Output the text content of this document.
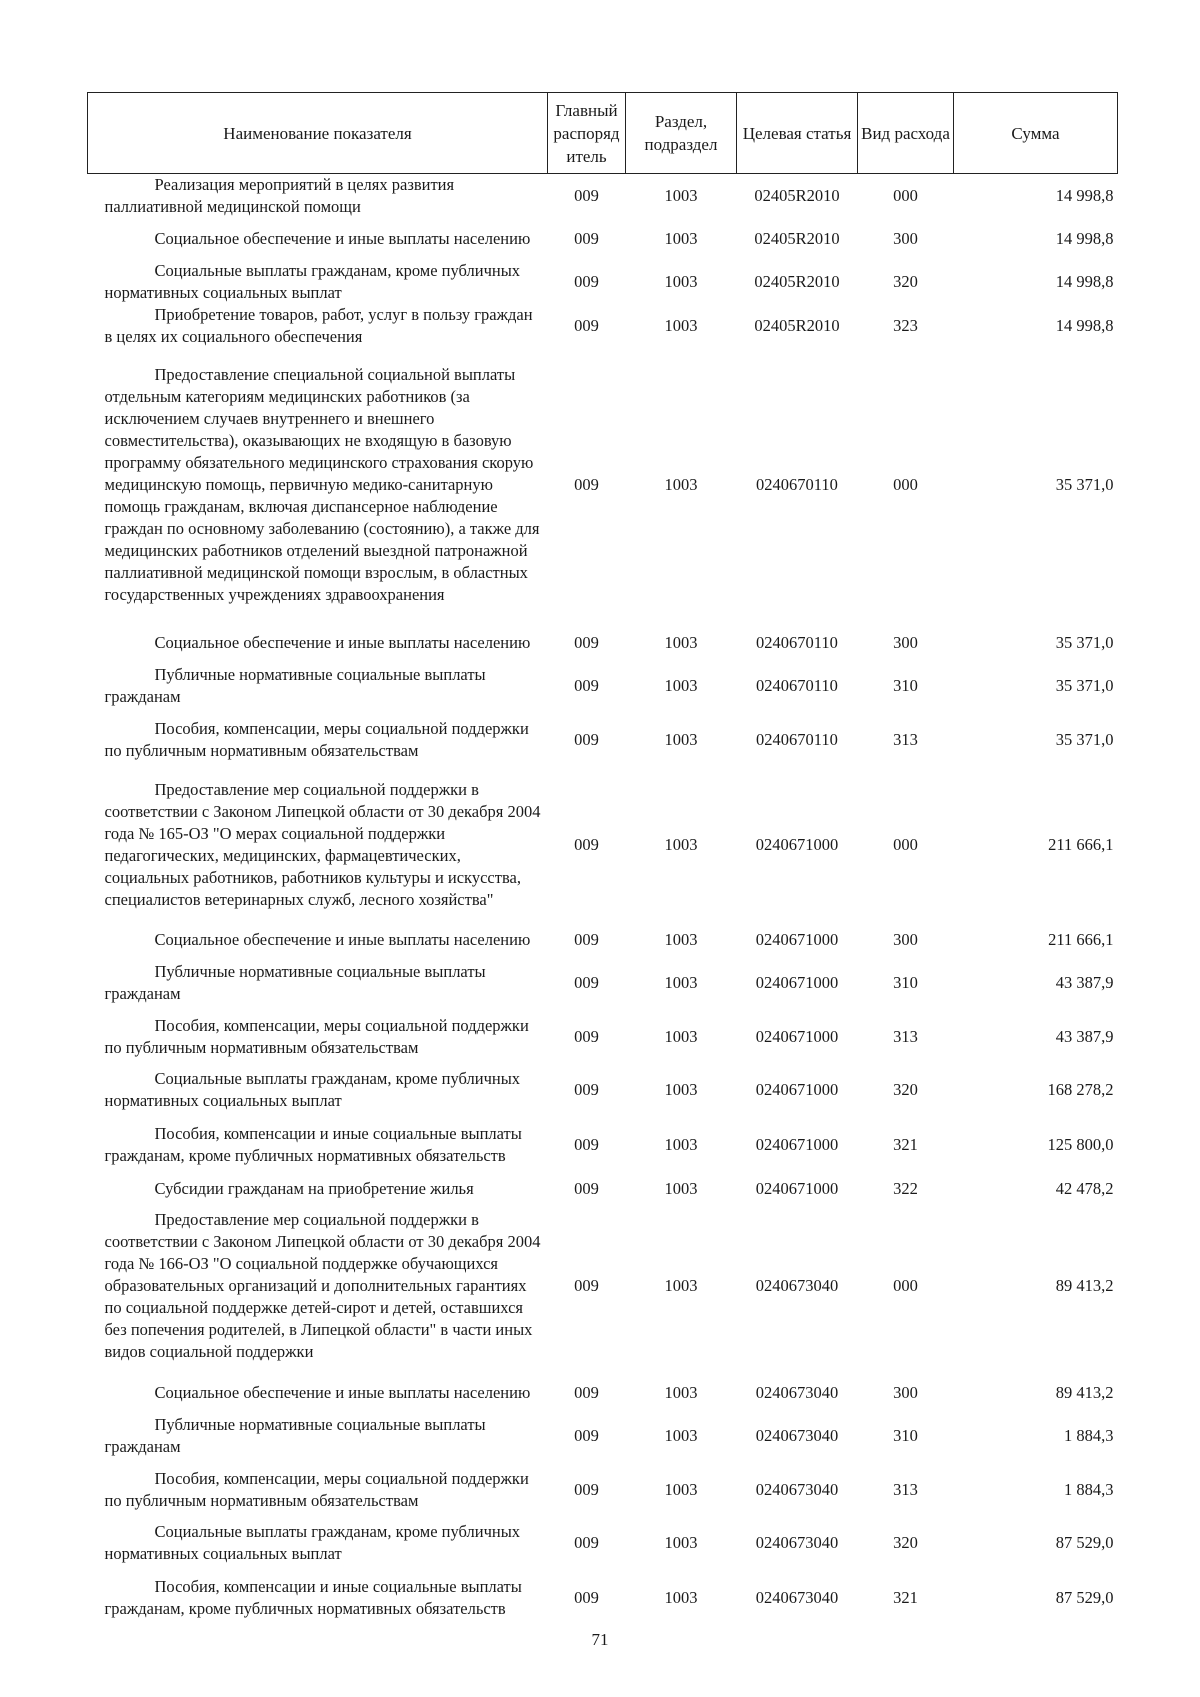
Наименование показателя	Главный распоряд итель	Раздел, подраздел	Целевая статья	Вид расхода	Сумма
Реализация мероприятий в целях развития паллиативной медицинской помощи	009	1003	02405R2010	000	14 998,8
Социальное обеспечение и иные выплаты населению	009	1003	02405R2010	300	14 998,8
Социальные выплаты гражданам, кроме публичных нормативных социальных выплат	009	1003	02405R2010	320	14 998,8
Приобретение товаров, работ, услуг в пользу граждан в целях их социального обеспечения	009	1003	02405R2010	323	14 998,8
Предоставление специальной социальной выплаты отдельным категориям медицинских работников (за исключением случаев внутреннего и внешнего совместительства), оказывающих не входящую в базовую программу обязательного медицинского страхования скорую медицинскую помощь, первичную медико-санитарную помощь гражданам, включая диспансерное наблюдение граждан по основному заболеванию (состоянию), а также для медицинских работников отделений выездной патронажной паллиативной медицинской помощи взрослым, в областных государственных учреждениях здравоохранения	009	1003	0240670110	000	35 371,0
Социальное обеспечение и иные выплаты населению	009	1003	0240670110	300	35 371,0
Публичные нормативные социальные выплаты гражданам	009	1003	0240670110	310	35 371,0
Пособия, компенсации, меры социальной поддержки по публичным нормативным обязательствам	009	1003	0240670110	313	35 371,0
Предоставление мер социальной поддержки в соответствии с Законом Липецкой области от 30 декабря 2004 года № 165-ОЗ "О мерах социальной поддержки педагогических, медицинских, фармацевтических, социальных работников, работников культуры и искусства, специалистов ветеринарных служб, лесного хозяйства"	009	1003	0240671000	000	211 666,1
Социальное обеспечение и иные выплаты населению	009	1003	0240671000	300	211 666,1
Публичные нормативные социальные выплаты гражданам	009	1003	0240671000	310	43 387,9
Пособия, компенсации, меры социальной поддержки по публичным нормативным обязательствам	009	1003	0240671000	313	43 387,9
Социальные выплаты гражданам, кроме публичных нормативных социальных выплат	009	1003	0240671000	320	168 278,2
Пособия, компенсации и иные социальные выплаты гражданам, кроме публичных нормативных обязательств	009	1003	0240671000	321	125 800,0
Субсидии гражданам на приобретение жилья	009	1003	0240671000	322	42 478,2
Предоставление мер социальной поддержки в соответствии с Законом Липецкой области от 30 декабря 2004 года № 166-ОЗ "О социальной поддержке обучающихся образовательных организаций и дополнительных гарантиях по социальной поддержке детей-сирот и детей, оставшихся без попечения родителей, в Липецкой области" в части иных видов социальной поддержки	009	1003	0240673040	000	89 413,2
Социальное обеспечение и иные выплаты населению	009	1003	0240673040	300	89 413,2
Публичные нормативные социальные выплаты гражданам	009	1003	0240673040	310	1 884,3
Пособия, компенсации, меры социальной поддержки по публичным нормативным обязательствам	009	1003	0240673040	313	1 884,3
Социальные выплаты гражданам, кроме публичных нормативных социальных выплат	009	1003	0240673040	320	87 529,0
Пособия, компенсации и иные социальные выплаты гражданам, кроме публичных нормативных обязательств	009	1003	0240673040	321	87 529,0
71
